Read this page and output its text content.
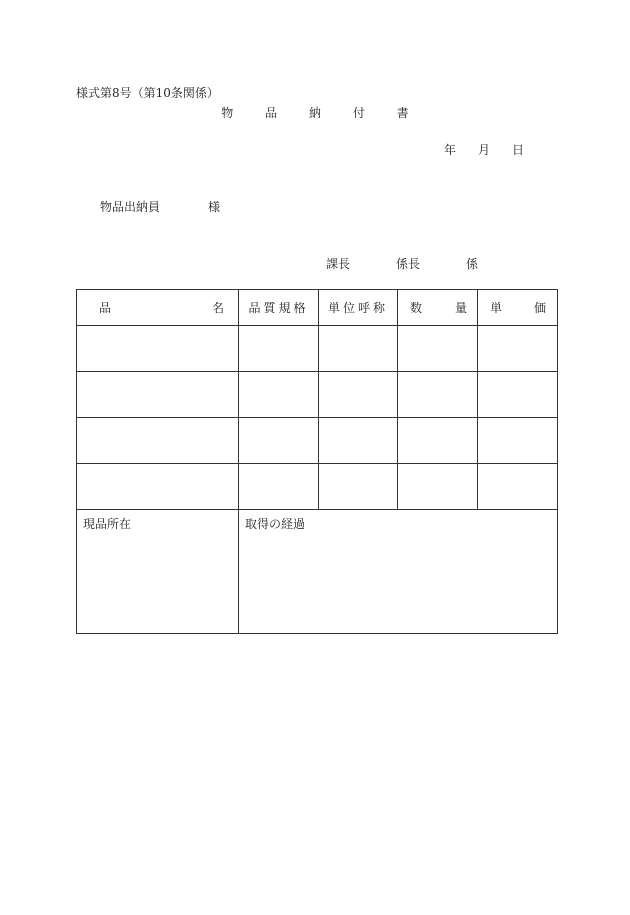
様式第8号（第10条関係）
物	品	納	付	書
年 月 日
物品出納員	様
課長	係長	係
品 名	品質規格	単位呼称	数 量	単 価

現品所在	取得の経過			
